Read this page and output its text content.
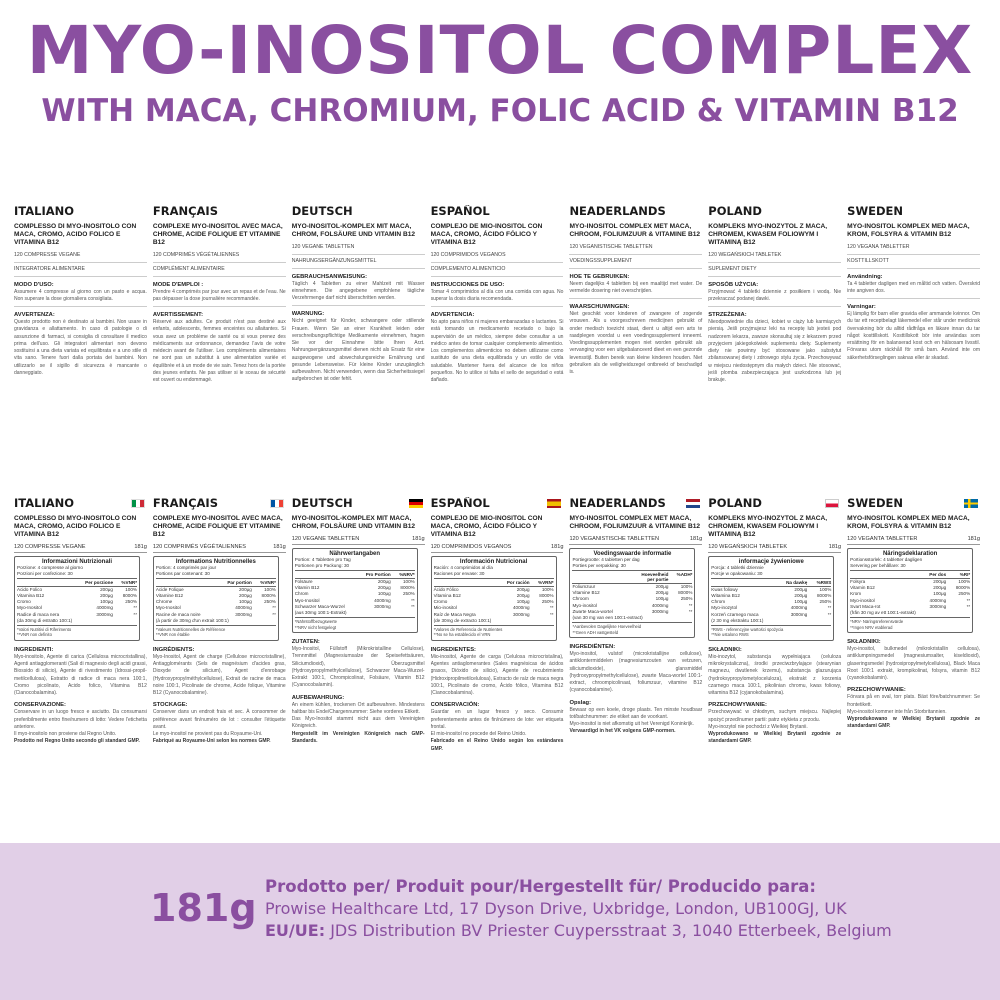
MYO-INOSITOL COMPLEX
WITH MACA, CHROMIUM, FOLIC ACID & VITAMIN B12
ITALIANO
COMPLESSO DI MYO-INOSITOLO CON MACA, CROMO, ACIDO FOLICO E VITAMINA B12
120 COMPRESSE VEGANE
INTEGRATORE ALIMENTARE
MODO D'USO:
Assumere 4 compresse al giorno con un pasto e acqua. Non superare la dose giornaliera consigliata.
AVVERTENZA:
Questo prodotto non è destinato ai bambini. Non usare in gravidanza e allattamento. In caso di patologie o di assunzione di farmaci, si consiglia di consultare il medico prima dell'uso. Gli integratori alimentari non devono sostituirsi a una dieta variata ed equilibrata e a uno stile di vita sano. Tenere fuori dalla portata dei bambini. Non utilizzarlo se il sigillo di sicurezza è mancante o danneggiato.
FRANÇAIS
COMPLEXE MYO-INOSITOL AVEC MACA, CHROME, ACIDE FOLIQUE ET VITAMINE B12
120 COMPRIMÉS VÉGÉTALIENNES
COMPLÉMENT ALIMENTAIRE
MODE D'EMPLOI :
Prendre 4 comprimés par jour avec un repas et de l'eau. Ne pas dépasser la dose journalière recommandée.
AVERTISSEMENT:
Réservé aux adultes. Ce produit n'est pas destiné aux enfants, adolescents, femmes enceintes ou allaitantes. Si vous avez un problème de santé ou si vous prenez des médicaments sur ordonnance, demandez l'avis de votre médecin avant de l'utiliser. Les compléments alimentaires ne sont pas un substitut à une alimentation variée et équilibrée et à un mode de vie sain. Tenez hors de la portée des jeunes enfants. Ne pas utiliser si le sceau de sécurité est ouvert ou endommagé.
DEUTSCH
MYO-INOSITOL-KOMPLEX MIT MACA, CHROM, FOLSÄURE UND VITAMIN B12
120 VEGANE TABLETTEN
NAHRUNGSERGÄNZUNGSMITTEL
GEBRAUCHSANWEISUNG:
Täglich 4 Tabletten zu einer Mahlzeit mit Wasser einnehmen. Die angegebene empfohlene tägliche Verzehrmenge darf nicht überschritten werden.
WARNUNG:
Nicht geeignet für Kinder, schwangere oder stillende Frauen. Wenn Sie an einer Krankheit leiden oder verschreibungspflichtige Medikamente einnehmen, fragen Sie vor der Einnahme bitte Ihren Arzt. Nahrungsergänzungsmittel dienen nicht als Ersatz für eine ausgewogene und abwechslungsreiche Ernährung und gesunde Lebensweise. Für kleine Kinder unzugänglich aufbewahren. Nicht verwenden, wenn das Sicherheitssiegel aufgebrochen ist oder fehlt.
ESPAÑOL
COMPLEJO DE MIO-INOSITOL CON MACA, CROMO, ÁCIDO FÓLICO Y VITAMINA B12
120 COMPRIMIDOS VEGANOS
COMPLEMENTO ALIMENTICIO
INSTRUCCIONES DE USO:
Tomar 4 comprimidos al día con una comida con agua. No superar la dosis diaria recomendada.
ADVERTENCIA:
No apto para niños ni mujeres embarazadas o lactantes. Si está tomando un medicamento recetado o bajo la supervisión de un médico, siempre debe consultar a un médico antes de tomar cualquier complemento alimenticio. Los complementos alimenticios no deben utilizarse como sustituto de una dieta equilibrada y un estilo de vida saludable. Mantener fuera del alcance de los niños pequeños. No lo utilice si falta el sello de seguridad o está dañado.
NEADERLANDS
MYO-INOSITOL COMPLEX MET MACA, CHROOM, FOLIUMZUUR & VITAMINE B12
120 VEGANISTISCHE TABLETTEN
VOEDINGSSUPPLEMENT
HOE TE GEBRUIKEN:
Neem dagelijks 4 tabletten bij een maaltijd met water. De vermelde dosering niet overschrijden.
WAARSCHUWINGEN:
Niet geschikt voor kinderen of zwangere of zogende vrouwen. Als u voorgeschreven medicijnen gebruikt of onder medisch toezicht staat, dient u altijd een arts te raadplegen voordat u een voedingssupplement inneemt. Voedingssupplementen mogen niet worden gebruikt als vervanging voor een uitgebalanceerd dieet en een gezonde levensstijl. Buiten bereik van kleine kinderen houden. Niet gebruiken als de veiligheidszegel ontbreekt of beschadigd is.
POLAND
KOMPLEKS MYO-INOZYTOL Z MACA, CHROMEM, KWASEM FOLIOWYM I WITAMINĄ B12
120 WEGAŃSKICH TABLETEK
SUPLEMENT DIETY
SPOSÓB UŻYCIA:
Przyjmować 4 tabletki dziennie z posiłkiem i wodą. Nie przekraczać podanej dawki.
STRZEŻENIA:
Nieodpowiednie dla dzieci, kobiet w ciąży lub karmiących piersią. Jeśli przyjmujesz leki na receptę lub jesteś pod nadzorem lekarza, zawsze skonsultuj się z lekarzem przed przyjęciem jakiegokolwiek suplementu diety. Suplementy diety nie powinny być stosowane jako substytut zbilansowanej diety i zdrowego stylu życia. Przechowywać w miejscu niedostępnym dla małych dzieci. Nie stosować, jeśli plomba zabezpieczająca jest uszkodzona lub jej brakuje.
SWEDEN
MYO-INOSITOL KOMPLEX MED MACA, KROM, FOLSYRA & VITAMIN B12
120 VEGANA TABLETTER
KOSTTILLSKOTT
Användning:
Ta 4 tabletter dagligen med en måltid och vatten. Överskrid inte angiven dos.
Varningar:
Ej lämplig för barn eller gravida eller ammande kvinnor. Om du tar ett receptbelagt läkemedel eller står under medicinsk övervakning bör du alltid rådfråga en läkare innan du tar något kosttillskott. Kosttillskott bör inte användas som ersättning för en balanserad kost och en hälsosam livsstil. Förvaras utom räckhåll för små barn. Använd inte om säkerhetsförseglingen saknas eller är skadad.
ITALIANO
COMPLESSO DI MYO-INOSITOLO CON MACA, CROMO, ACIDO FOLICO E VITAMINA B12
120 COMPRESSE VEGANE	181g
Informazioni Nutrizionali
Porzione: 4 compresse al giorno
Porzioni per confezione: 30
Per porzione	%VNR*
Acido Folico	200μg	100%
Vitamina B12	200μg	8000%
Cromo	100μg	250%
Myo-Inositol	4000mg	**
Radice di maca nera	3000mg	**
(da 30mg di estratto 100:1)
*Valori Nutritivi di Riferimento
**VNR non definito
INGREDIENTI:
Myo-inositolo, Agente di carica (Cellulosa microcristallina), Agenti antiagglomeranti (Sali di magnesio degli acidi grassi, Biossido di silicio), Agente di rivestimento (Idrossi-propil-metilcellulosa), Estratto di radice di maca nera 100:1, Cromo picolinato, Acido folico, Vitamina B12 (Cianocobalamina).
CONSERVAZIONE:
Conservare in un luogo fresco e asciutto. Da consumarsi preferibilmente entro fine/numero di lotto: Vedere l'etichetta anteriore.
Il myo-inositolo non proviene dal Regno Unito.
Prodotto nel Regno Unito secondo gli standard GMP.
FRANÇAIS
COMPLEXE MYO-INOSITOL AVEC MACA, CHROME, ACIDE FOLIQUE ET VITAMINE B12
120 COMPRIMÉS VÉGÉTALIENNES	181g
Informations Nutritionnelles
Portion: 4 comprimés par jour
Portions par contenant: 30
Par portion	%VNR*
Acide Folique	200μg	100%
Vitamine B12	200μg	8000%
Chrome	100μg	250%
Myo-Inositol	4000mg	**
Racine de maca noire	3000mg	**
(à partir de 30mg d'un extrait 100:1)
*Valeurs Nutritionnelles de Référence
**VNR non établie
INGRÉDIENTS:
Myo-Inositol, Agent de charge (Cellulose microcristalline), Antiagglomérants (Sels de magnésium d'acides gras, Dioxyde de silicium), Agent d'enrobage (Hydroxypropylméthylcellulose), Extrait de racine de maca noire 100:1, Picolinate de chrome, Acide folique, Vitamine B12 (Cyanocobalamine).
STOCKAGE:
Conserver dans un endroit frais et sec. À consommer de préférence avant fin/numéro de lot : consulter l'étiquette avant.
Le myo-inositol ne provient pas du Royaume-Uni.
Fabriqué au Royaume-Uni selon les normes GMP.
DEUTSCH
MYO-INOSITOL-KOMPLEX MIT MACA, CHROM, FOLSÄURE UND VITAMIN B12
120 VEGANE TABLETTEN	181g
Nährwertangaben
Portion: 4 Tabletten pro Tag
Portionen pro Packung: 30
Pro Portion	%NRV*
Folsäure	200μg	100%
Vitamin B12	200μg	8000%
Chrom	100μg	250%
Myo-Inositol	4000mg	**
Schwarzer Maca-Wurzel	3000mg	**
(aus 30mg 100:1-Extrakt)
*Nährstoffbezugswerte
**NRV nicht festgelegt
ZUTATEN:
Myo-Inositol, Füllstoff (Mikrokristalline Cellulose), Trennmittel (Magnesiumsalze der Speisefettsäuren, Siliciumdioxid), Überzugsmittel (Hydroxypropylmethylcellulose), Schwarzer Maca-Wurzel-Extrakt 100:1, Chrompicolinat, Folsäure, Vitamin B12 (Cyanocobalamin).
AUFBEWAHRUNG:
An einem kühlen, trockenen Ort aufbewahren. Mindestens haltbar bis Ende/Chargennummer: Siehe vorderes Etikett.
Das Myo-Inositol stammt nicht aus dem Vereinigten Königreich.
Hergestellt im Vereinigten Königreich nach GMP-Standards.
ESPAÑOL
COMPLEJO DE MIO-INOSITOL CON MACA, CROMO, ÁCIDO FÓLICO Y VITAMINA B12
120 COMPRIMIDOS VEGANOS	181g
Información Nutricional
Ración: 4 comprimidos al día
Raciones por envase: 30
Por ración	%VRN*
Ácido Fólico	200μg	100%
Vitamina B12	200μg	8000%
Cromo	100μg	250%
Mio-inositol	4000mg	**
Raíz de Maca Negra	3000mg	**
(de 30mg de extracto 100:1)
*Valores de Referencia de Nutrientes
**No se ha establecido el VRN
INGREDIENTES:
Mio-inositol, Agente de carga (Celulosa microcristalina), Agentes antiaglomerantes (Sales magnésicas de ácidos grasos, Dióxido de silicio), Agente de recubrimiento (Hidroxipropilmetilcelulosa), Extracto de raíz de maca negra 100:1, Picolinato de cromo, Ácido fólico, Vitamina B12 (Cianocobalamina).
CONSERVACIÓN:
Guardar en un lugar fresco y seco. Consumir preferentemente antes de fin/número de lote: ver etiqueta frontal.
El mio-inositol no procede del Reino Unido.
Fabricado en el Reino Unido según los estándares GMP.
NEADERLANDS
MYO-INOSITOL COMPLEX MET MACA, CHROOM, FOLIUMZUUR & VITAMINE B12
120 VEGANISTISCHE TABLETTEN	181g
Voedingswaarde informatie
Portiegrootte: 4 tabletten per dag
Porties per verpakking: 30
Hoeveelheid per portie
%ADH*
Foliumzuur	200μg	100%
Vitamine B12	200μg	8000%
Chroom	100μg	250%
Myo-inositol	4000mg	**
Zwarte Maca-wortel	3000mg	**
(van 30 mg van een 100:1-extract)
*Aanbevolen Dagelijkse Hoeveelheid
**Geen ADH vastgesteld
INGREDIËNTEN:
Myo-inositol, vulstof (microkristallijne cellulose), antiklontermiddelen (magnesiumzouten van vetzuren, siliciumdioxide), glansmiddel (hydroxypropylmethylcellulose), zwarte Maca-wortel 100:1-extract, chroompicolinaat, foliumzuur, vitamine B12 (cyanocobalamine).
Opslag:
Bewaar op een koele, droge plaats. Ten minste houdbaar tot/batchnummer: zie etiket aan de voorkant.
Myo-inositol is niet afkomstig uit het Verenigd Koninkrijk.
Vervaardigd in het VK volgens GMP-normen.
POLAND
KOMPLEKS MYO-INOZYTOL Z MACA, CHROMEM, KWASEM FOLIOWYM I WITAMINĄ B12
120 WEGAŃSKICH TABLETEK	181g
informacje żywieniowe
Porcja: 4 tabletki dziennie
Porcje w opakowaniu: 30
Na dawkę	%RWS
Kwas foliowy	200μg	100%
Witamina B12	200μg	8000%
Chrom	100μg	250%
Myo-inozytol	4000mg	**
Korzeń czarnego maca	3000mg	**
(z 30 mg ekstraktu 100:1)
*RWS - referencyjne wartości spożycia
**Nie ustalono RWS
SKŁADNIKI:
Mio-inozytol, substancja wypełniająca (celuloza mikrokrystaliczna), środki przeciwzbrylające (stearynian magnezu, dwutlenek krzemu), substancja glazurująca (hydroksypropylometyloceluloza), ekstrakt z korzenia czarnego maca 100:1, pikolinian chromu, kwas foliowy, witamina B12 (cyjanokobalamina).
PRZECHOWYWANIE:
Przechowywać w chłodnym, suchym miejscu. Najlepiej spożyć przed/numer partii: patrz etykieta z przodu.
Myo-inozytol nie pochodzi z Wielkiej Brytanii.
Wyprodukowano w Wielkiej Brytanii zgodnie ze standardami GMP.
SWEDEN
MYO-INOSITOL KOMPLEX MED MACA, KROM, FOLSYRA & VITAMIN B12
120 VEGANTA TABLETTER	181g
Näringsdeklaration
Portionsstorlek: 4 tabletter dagligen
Servering per behållare: 30
Per dos	%RI*
Folsyra	200μg	100%
Vitamin B12	200μg	8000%
Krom	100μg	250%
Myo-inositol	4000mg	**
Svart Maca-rot	3000mg	**
(från 30 mg av ett 100:1-extrakt)
*NRV- Näringsreferensvärde
**Ingen NRV etablerad
SKŁADNIKI:
Myo-inositol, bulkmedel (mikrokristallin cellulosa), antiklumpningsmedel (magnesiumsalter, kiseldioxid), glaseringsmedel (hydroxipropylmetylcellulosa), Black Maca Root 100:1 extrakt, krompikolinat, folsyra, vitamin B12 (cyanokobalamin).
PRZECHOWYWANIE:
Förvara på en sval, torr plats. Bäst före/batchnummer: Se frontetikett.
Myo-inositol kommer inte från Storbritannien.
Wyprodukowano w Wielkiej Brytanii zgodnie ze standardami GMP.
181g Prodotto per/ Produit pour/Hergestellt für/ Producido para:
Prowise Healthcare Ltd, 17 Dyson Drive, Uxbridge, London, UB100GJ, UK
EU/UE: JDS Distribution BV Priester Cuypersstraat 3, 1040 Etterbeek, Belgium
